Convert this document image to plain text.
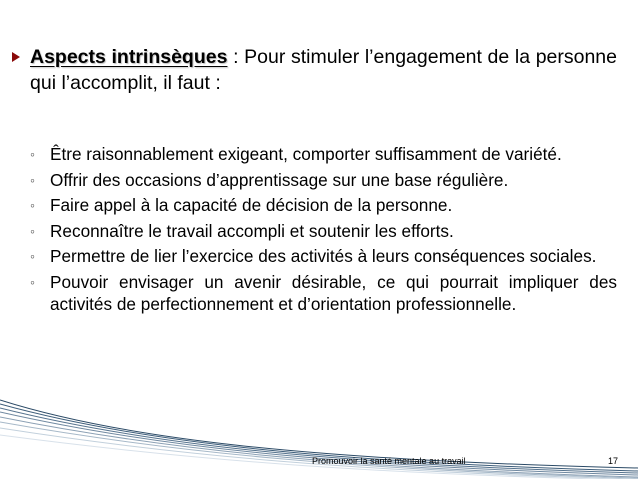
Aspects intrinsèques : Pour stimuler l’engagement de la personne qui l’accomplit, il faut :
◦ Être raisonnablement exigeant, comporter suffisamment de variété.
◦ Offrir des occasions d’apprentissage sur une base régulière.
◦ Faire appel à la capacité de décision de la personne.
◦ Reconnaître le travail accompli et soutenir les efforts.
◦ Permettre de lier l’exercice des activités à leurs conséquences sociales.
◦ Pouvoir envisager un avenir désirable, ce qui pourrait impliquer des activités de perfectionnement et d’orientation professionnelle.
Promouvoir la santé mentale au travail	17
